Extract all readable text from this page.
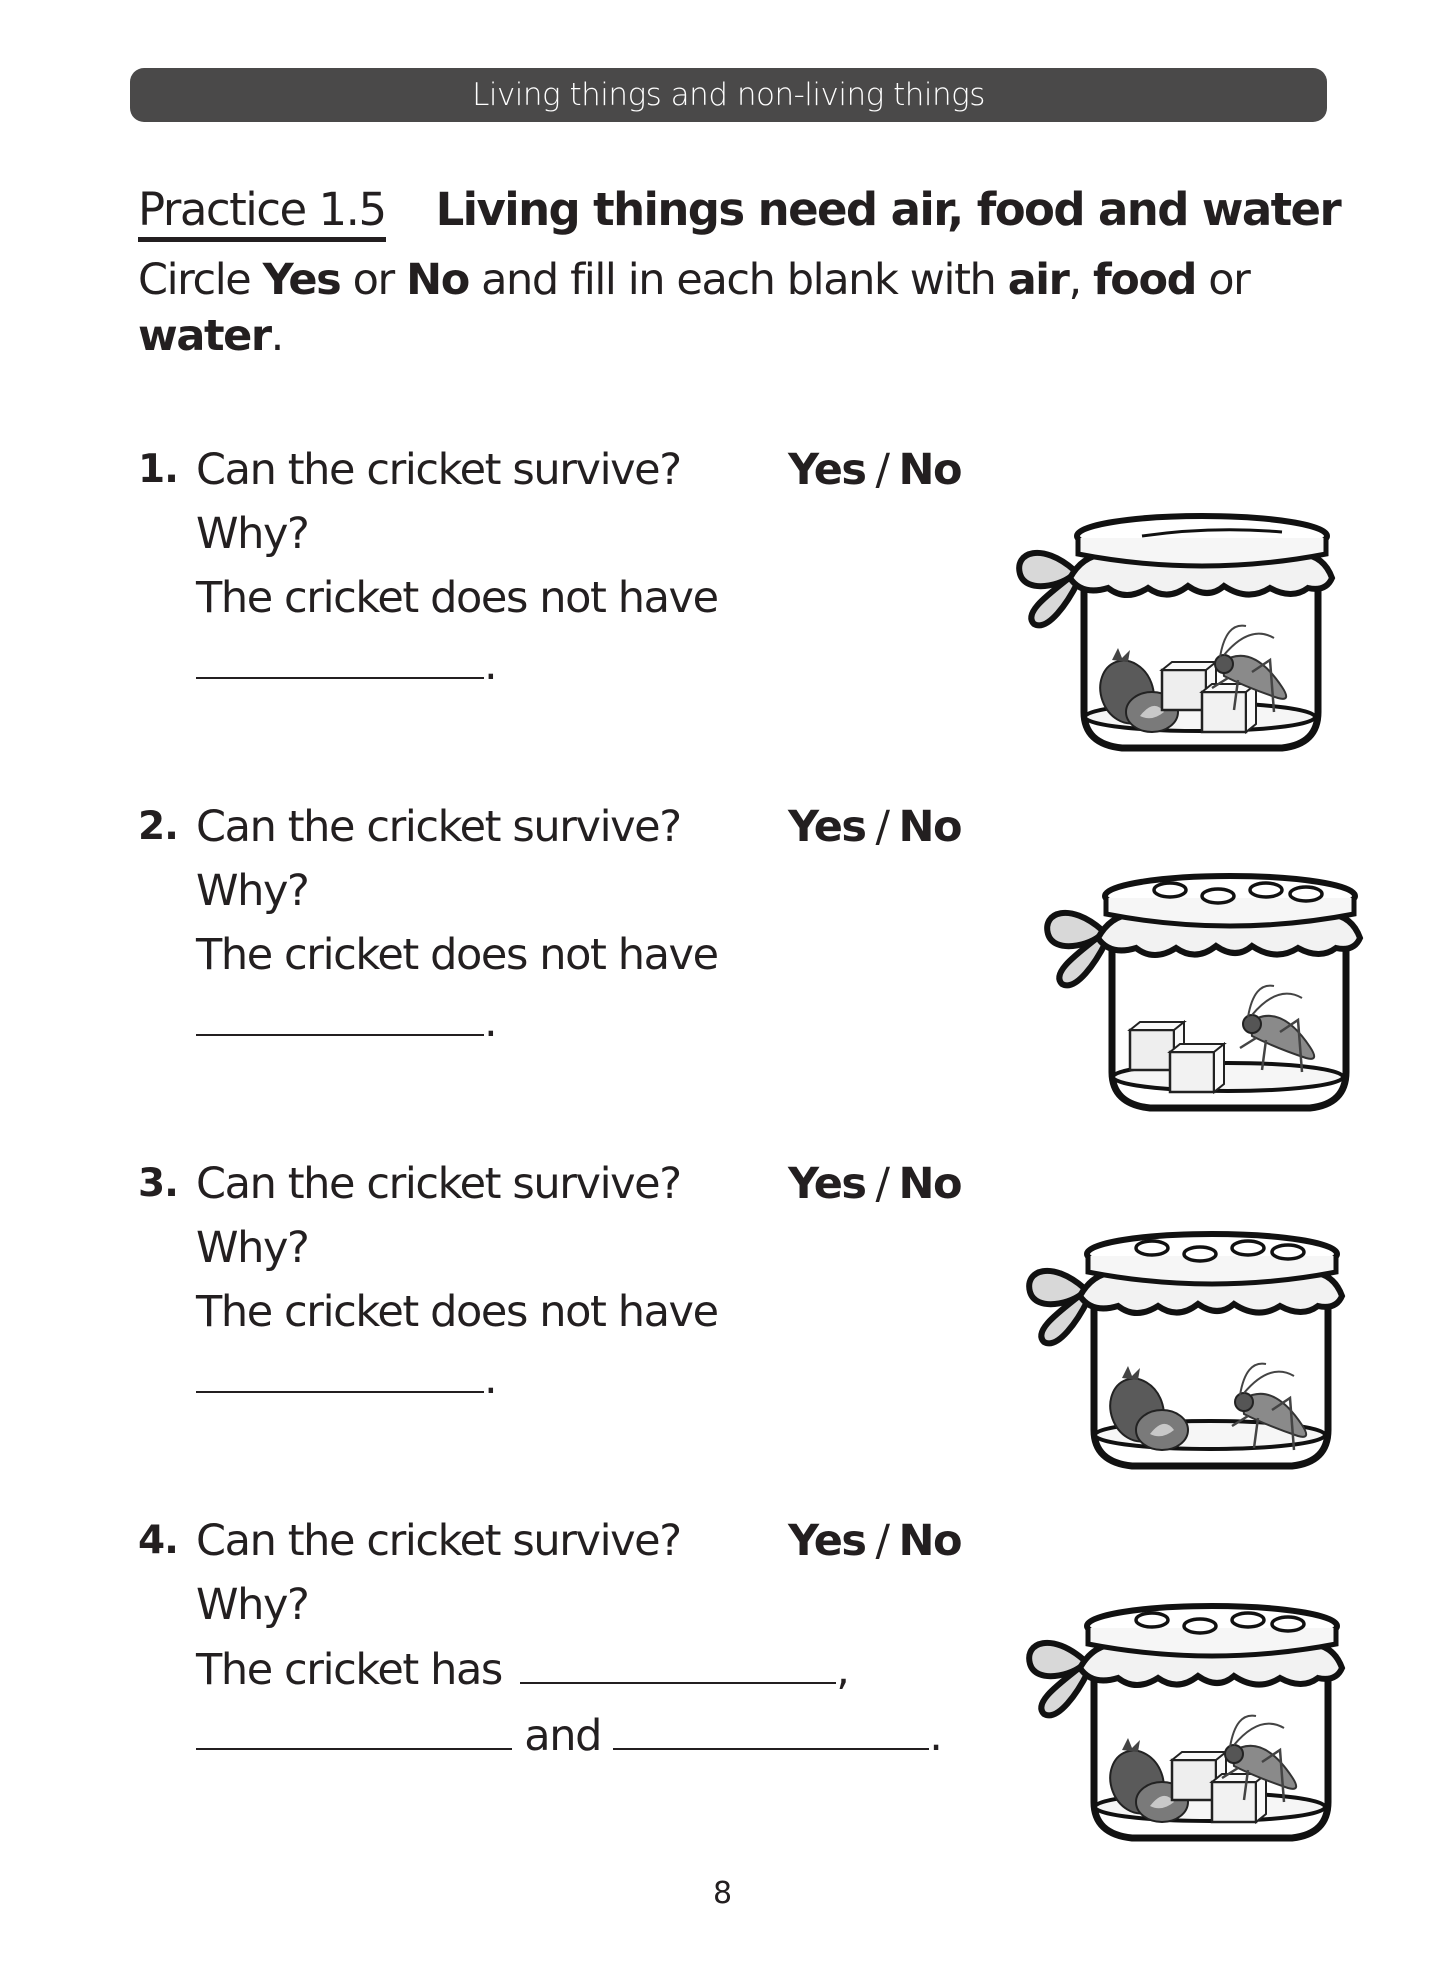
Living things and non-living things
Practice 1.5 Living things need air, food and water
Circle Yes or No and fill in each blank with air, food or
water.
1. Can the cricket survive? Yes / No
Why?
The cricket does not have
.
2. Can the cricket survive? Yes / No
Why?
The cricket does not have
.
3. Can the cricket survive? Yes / No
Why?
The cricket does not have
.
4. Can the cricket survive? Yes / No
Why?
The cricket has	,
and	.
8
